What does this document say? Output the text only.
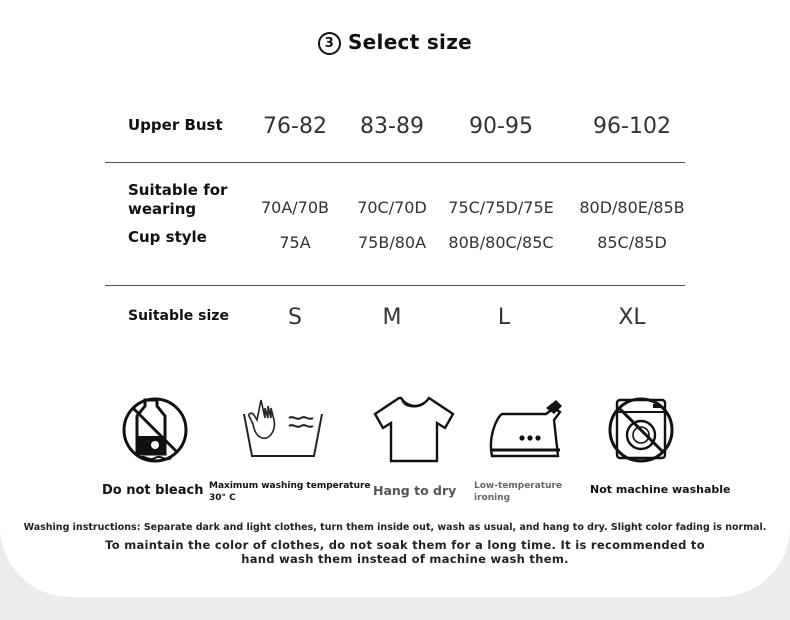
3 Select size
Upper Bust	76-82	83-89	90-95	96-102
Suitable for wearing	70A/70B	70C/70D	75C/75D/75E	80D/80E/85B
Cup style	75A	75B/80A	80B/80C/85C	85C/85D
Suitable size	S	M	L	XL
Do not bleach Maximum washing temperature
30° C	Hang to dry Low-temperature ironing
Not machine washable
Washing instructions: Separate dark and light clothes, turn them inside out, wash as usual, and hang to dry. Slight color fading is normal.
To maintain the color of clothes, do not soak them for a long time. It is recommended to hand wash them instead of machine wash them.
